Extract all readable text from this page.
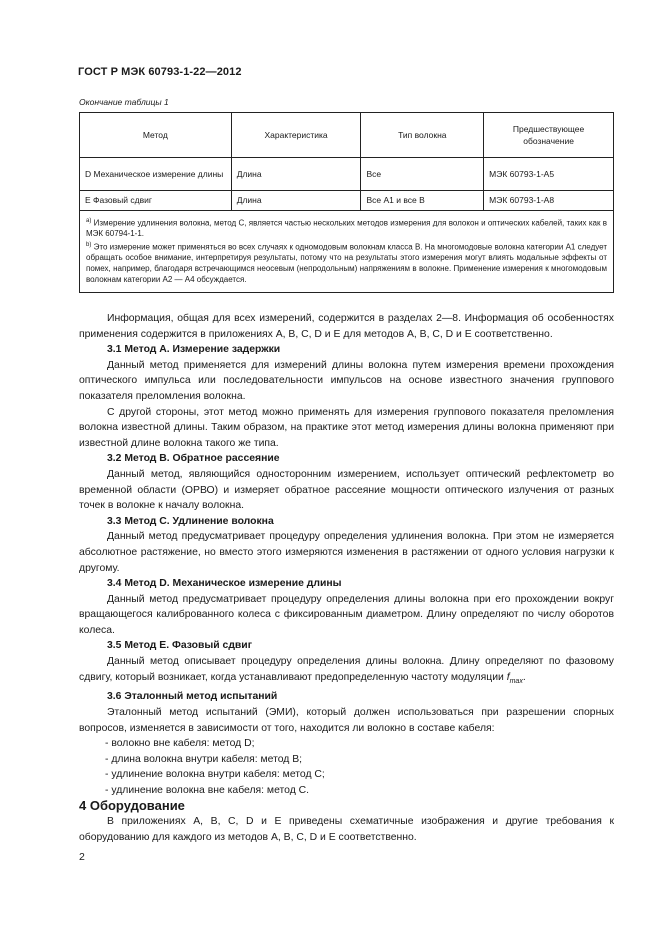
ГОСТ Р МЭК 60793-1-22—2012
Окончание таблицы 1
Метод	Характеристика	Тип волокна	Предшествующее обозначение
D Механическое измерение длины	Длина	Все	МЭК 60793-1-А5
Е Фазовый сдвиг	Длина	Все А1 и все В	МЭК 60793-1-А8

$^{а)}$ Измерение удлинения волокна, метод С, является частью нескольких методов измерения для волокон и оптических кабелей, таких как в МЭК 60794-1-1.

$^{b)}$ Это измерение может применяться во всех случаях к одномодовым волокнам класса В. На многомодовые волокна категории А1 следует обращать особое внимание, интерпретируя результаты, потому что на результаты этого измерения могут влиять модальные эффекты от помех, например, благодаря встречающимся неосевым (непродольным) напряжениям в волокне. Применение измерения к многомодовым волокнам категории А2 — А4 обсуждается.			

Информация, общая для всех измерений, содержится в разделах 2—8. Информация об особенностях применения содержится в приложениях А, В, С, D и Е для методов А, В, С, D и Е соответственно.

3.1 Метод А. Измерение задержки

Данный метод применяется для измерений длины волокна путем измерения времени прохождения оптического импульса или последовательности импульсов на основе известного значения группового показателя преломления волокна.

С другой стороны, этот метод можно применять для измерения группового показателя преломления волокна известной длины. Таким образом, на практике этот метод измерения длины волокна применяют при известной длине волокна такого же типа.

3.2 Метод В. Обратное рассеяние

Данный метод, являющийся односторонним измерением, использует оптический рефлектометр во временной области (ОРВО) и измеряет обратное рассеяние мощности оптического излучения от разных точек в волокне к началу волокна.

3.3 Метод С. Удлинение волокна

Данный метод предусматривает процедуру определения удлинения волокна. При этом не измеряется абсолютное растяжение, но вместо этого измеряются изменения в растяжении от одного условия нагрузки к другому.

3.4 Метод D. Механическое измерение длины

Данный метод предусматривает процедуру определения длины волокна при его прохождении вокруг вращающегося калиброванного колеса с фиксированным диаметром. Длину определяют по числу оборотов колеса.

3.5 Метод Е. Фазовый сдвиг

Данный метод описывает процедуру определения длины волокна. Длину определяют по фазовому сдвигу, который возникает, когда устанавливают предопределенную частоту модуляции $f_{max}$.

3.6 Эталонный метод испытаний

Эталонный метод испытаний (ЭМИ), который должен использоваться при разрешении спорных вопросов, изменяется в зависимости от того, находится ли волокно в составе кабеля:

- волокно вне кабеля: метод D;
- длина волокна внутри кабеля: метод В;
- удлинение волокна внутри кабеля: метод С;
- удлинение волокна вне кабеля: метод С.

4 Оборудование

В приложениях А, В, С, D и Е приведены схематичные изображения и другие требования к оборудованию для каждого из методов А, В, С, D и Е соответственно.

2
